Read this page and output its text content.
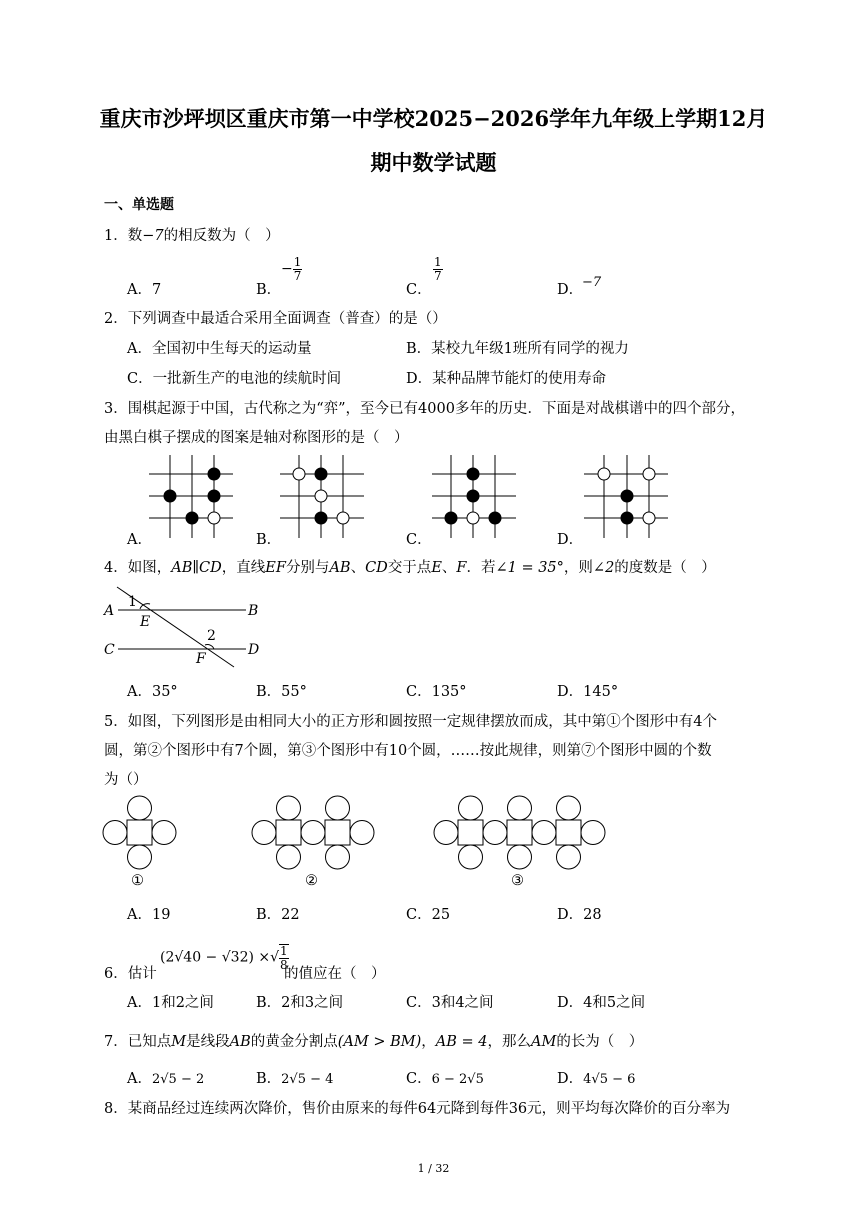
重庆市沙坪坝区重庆市第一中学校2025−2026学年九年级上学期12月
期中数学试题
一、单选题
1．数−7的相反数为（　）
A．7	B．
− $\frac{1}{7}$
C．
$\frac{1}{7}$
D．
−7
2．下列调查中最适合采用全面调查（普查）的是（）
A．全国初中生每天的运动量	B．某校九年级1班所有同学的视力
C．一批新生产的电池的续航时间	D．某种品牌节能灯的使用寿命
3．围棋起源于中国，古代称之为“弈”，至今已有4000多年的历史．下面是对战棋谱中的四个部分，
由黑白棋子摆成的图案是轴对称图形的是（　）
A．	B．	C．	D．
4．如图，AB∥CD，直线EF分别与AB、CD交于点E、F．若∠1 = 35°，则∠2的度数是（　）
A	B
C	D
E
F
1
2
A．35°	B．55°	C．135°	D．145°
5．如图，下列图形是由相同大小的正方形和圆按照一定规律摆放而成，其中第①个图形中有4个
圆，第②个图形中有7个圆，第③个图形中有10个圆，……按此规律，则第⑦个图形中圆的个数
为（）
①	②	③
A．19	B．22	C．25	D．28
6．估计
(2√40 − √32) ×√ $\frac{1}{8}$
的值应在（　）
A．1和2之间	B．2和3之间	C．3和4之间	D．4和5之间
7．已知点M是线段AB的黄金分割点(AM > BM)，AB = 4，那么AM的长为（　）
A．2√5 − 2	B．2√5 − 4	C．6 − 2√5	D．4√5 − 6
8．某商品经过连续两次降价，售价由原来的每件64元降到每件36元，则平均每次降价的百分率为
1 / 32
